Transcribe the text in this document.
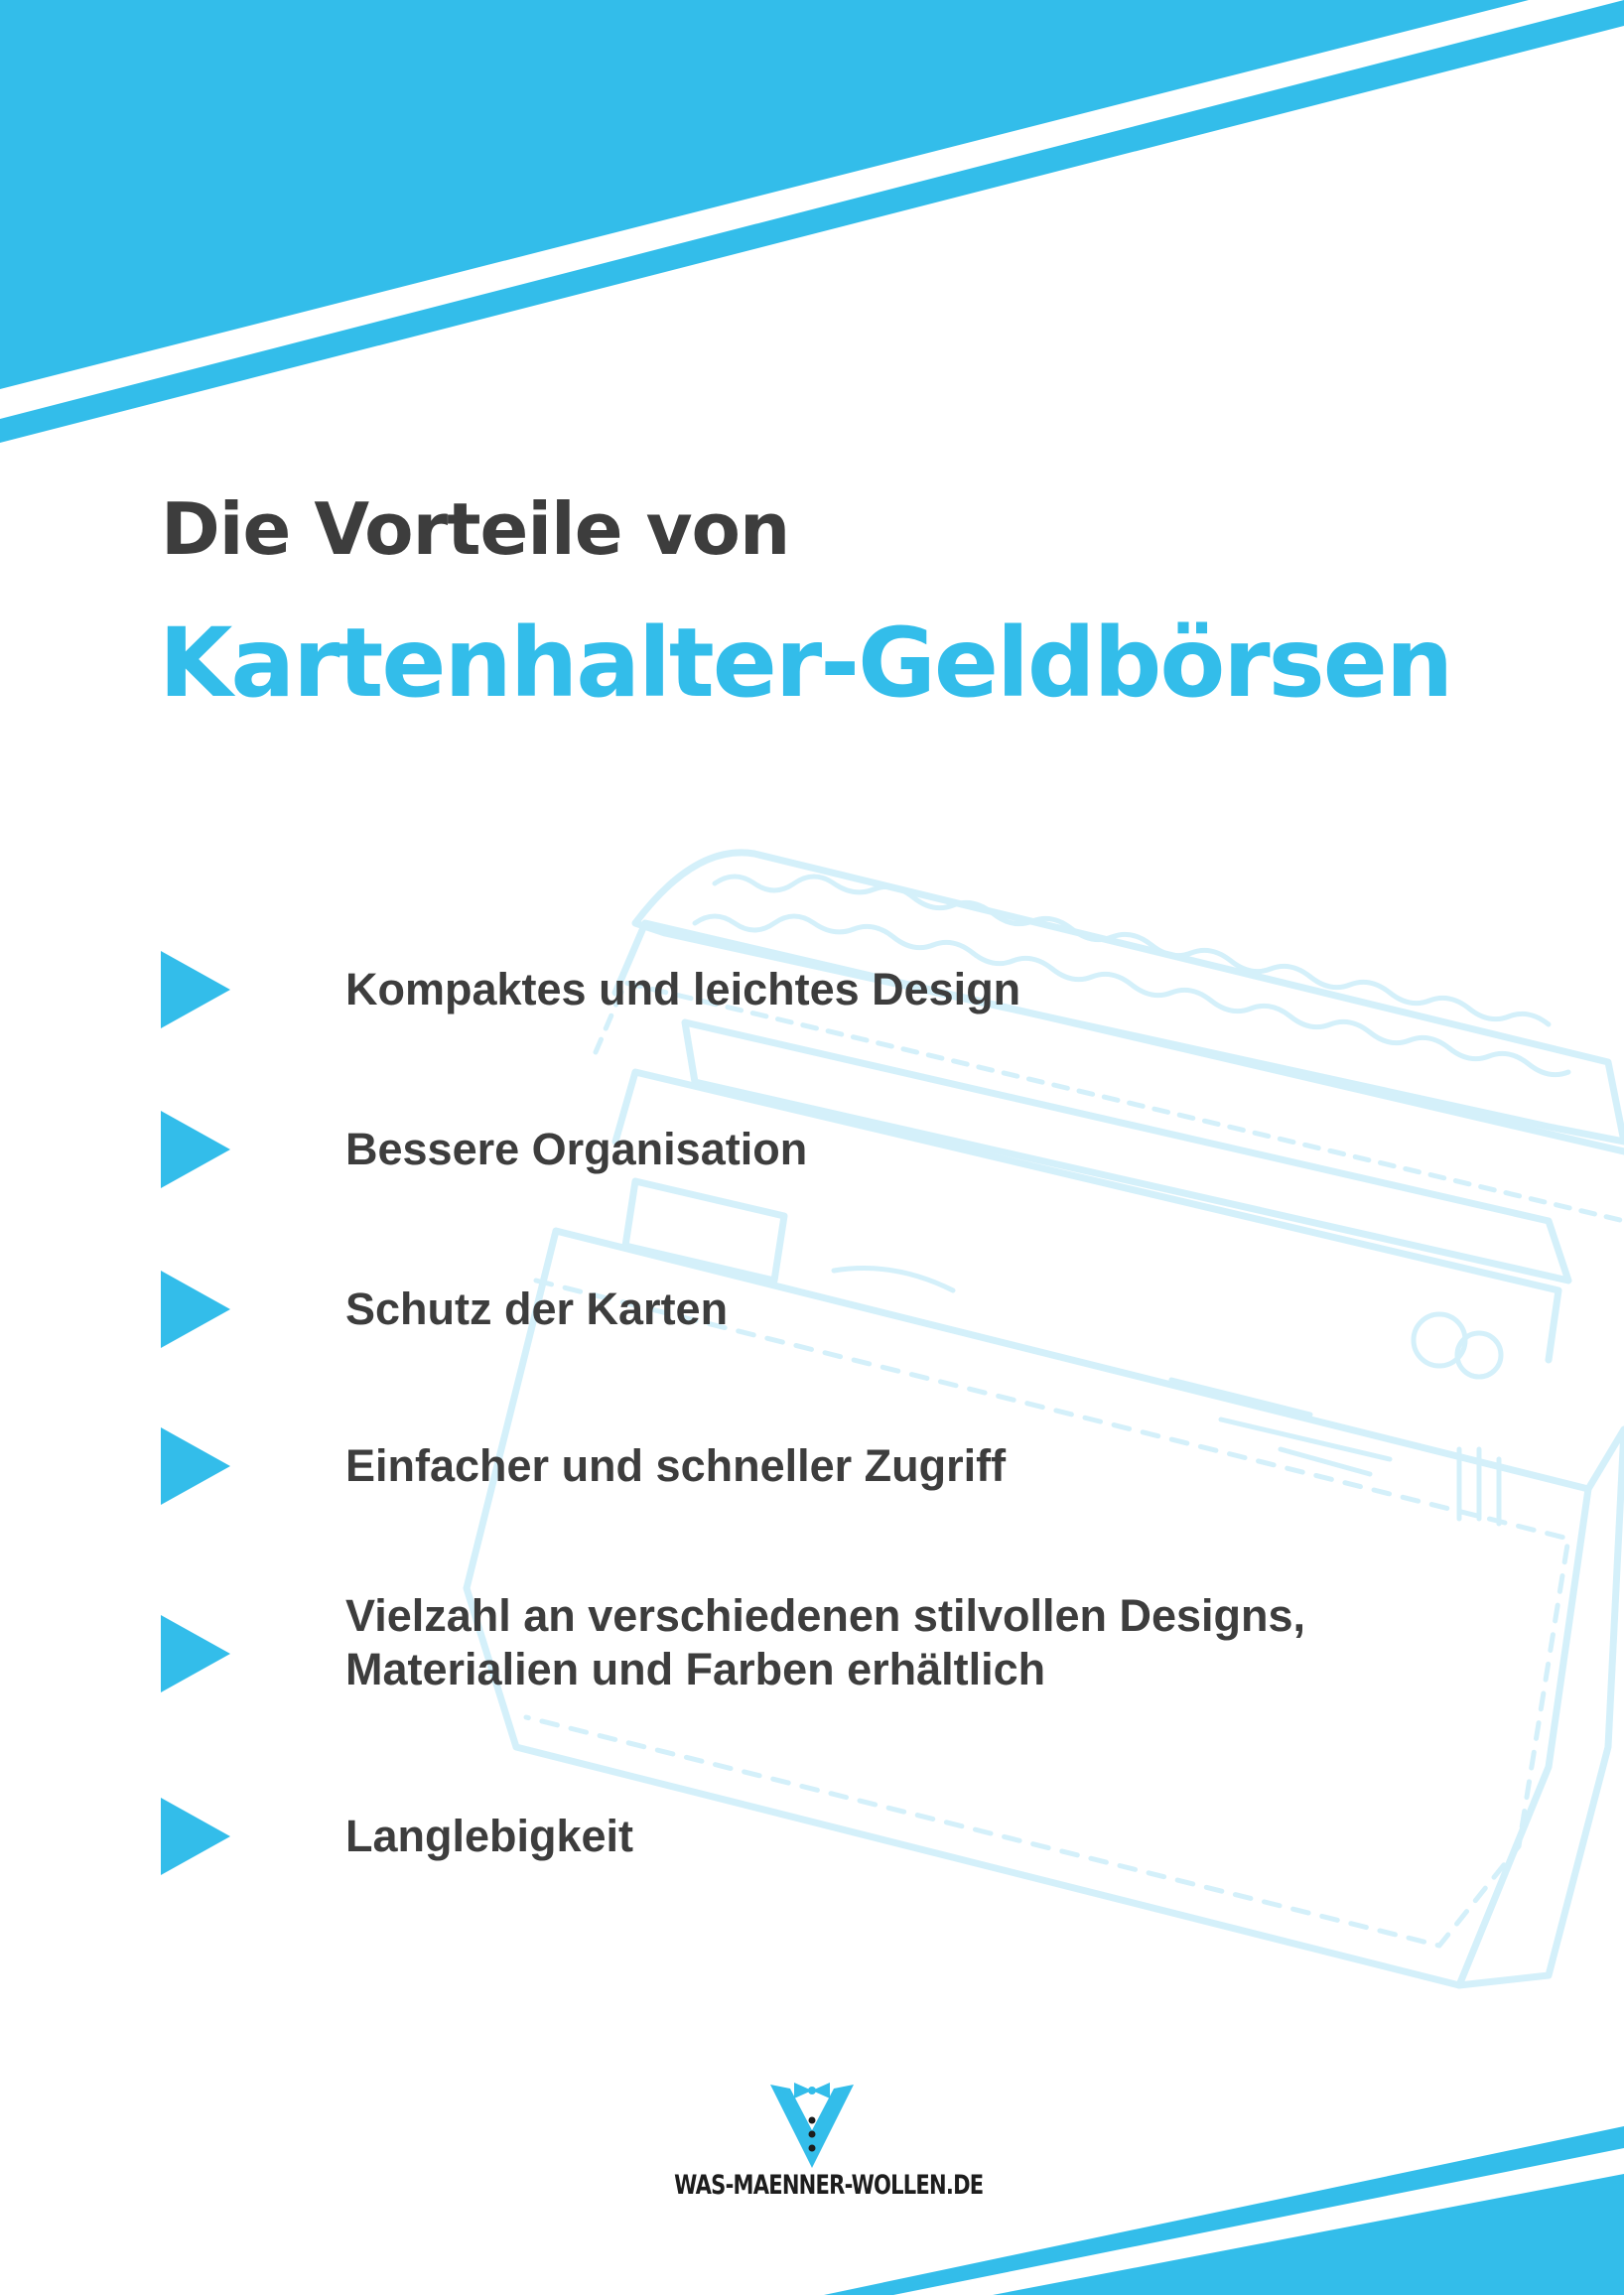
Die Vorteile von
Kartenhalter-Geldbörsen
Kompaktes und leichtes Design
Bessere Organisation
Schutz der Karten
Einfacher und schneller Zugriff
Vielzahl an verschiedenen stilvollen Designs,
Materialien und Farben erhältlich
Langlebigkeit
WAS-MAENNER-WOLLEN.DE
